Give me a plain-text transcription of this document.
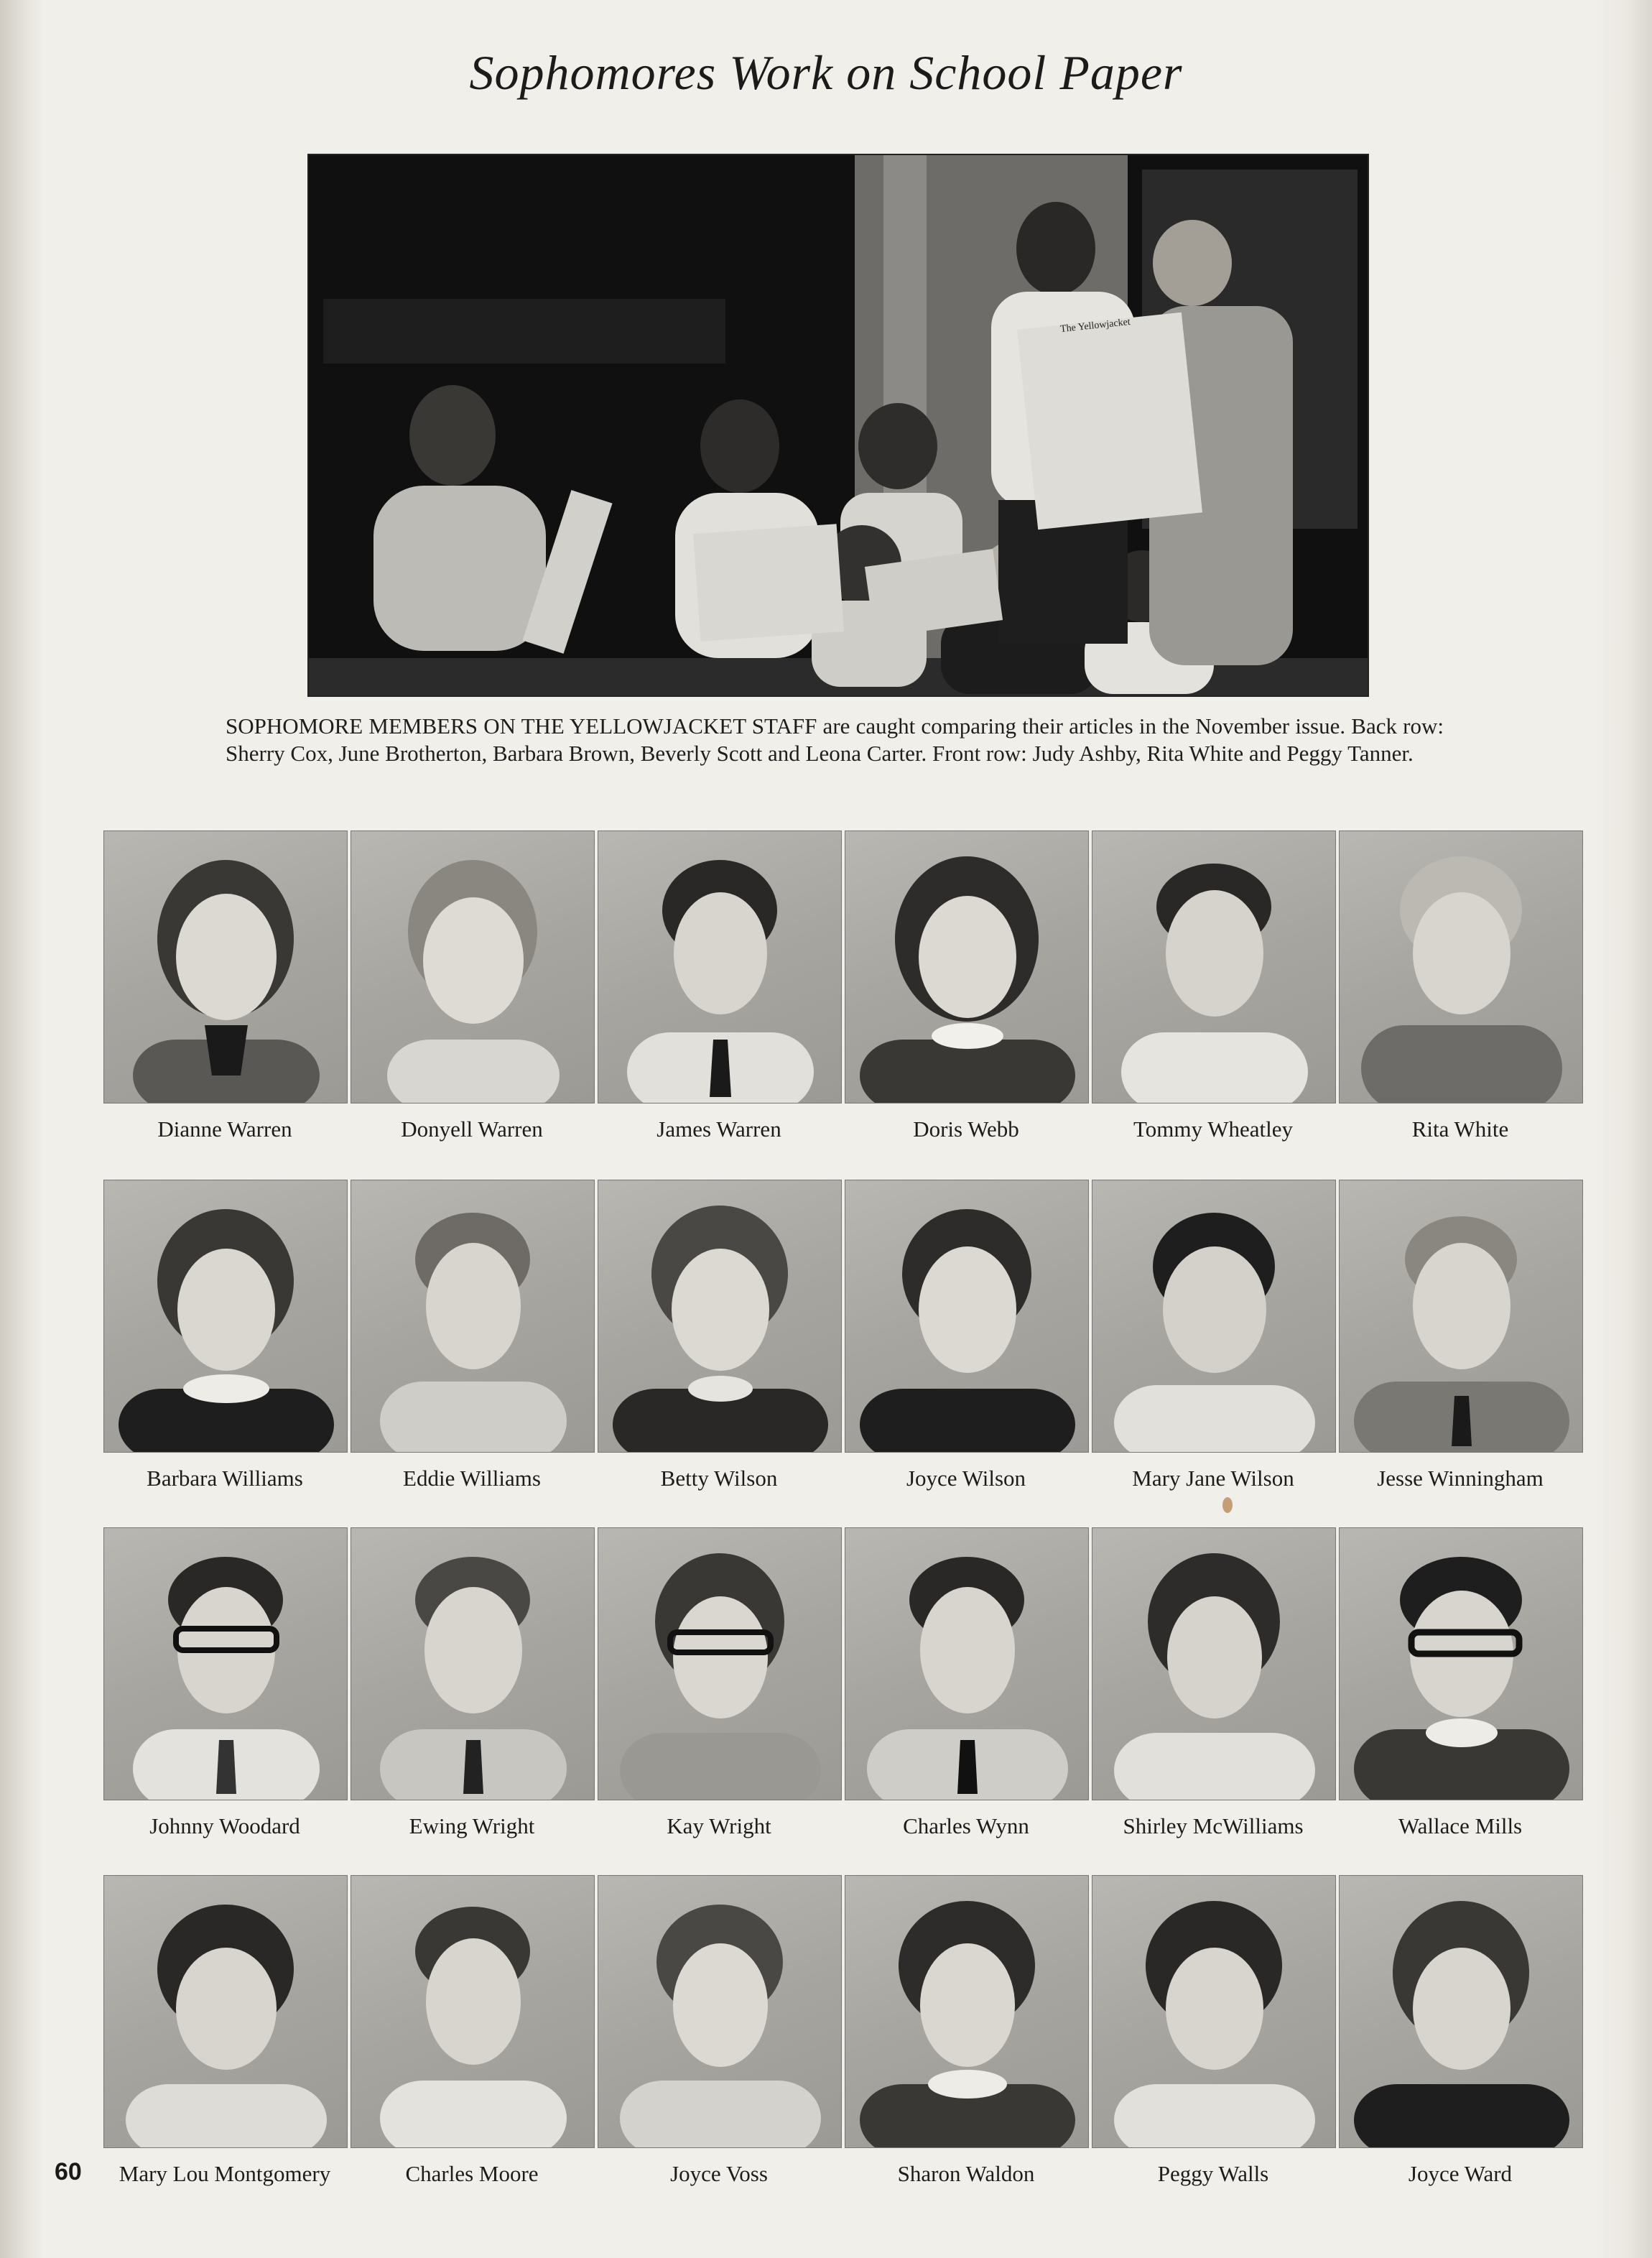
Sophomores Work on School Paper
The Yellowjacket
SOPHOMORE MEMBERS ON THE YELLOWJACKET STAFF are caught comparing their articles in the November issue. Back row: Sherry Cox, June Brotherton, Barbara Brown, Beverly Scott and Leona Carter. Front row: Judy Ashby, Rita White and Peggy Tanner.
Dianne Warren	Donyell Warren	James Warren	Doris Webb	Tommy Wheatley	Rita White
Barbara Williams	Eddie Williams	Betty Wilson	Joyce Wilson	Mary Jane Wilson	Jesse Winningham
Johnny Woodard	Ewing Wright	Kay Wright	Charles Wynn	Shirley McWilliams	Wallace Mills
Mary Lou Montgomery	Charles Moore	Joyce Voss	Sharon Waldon	Peggy Walls	Joyce Ward
60
